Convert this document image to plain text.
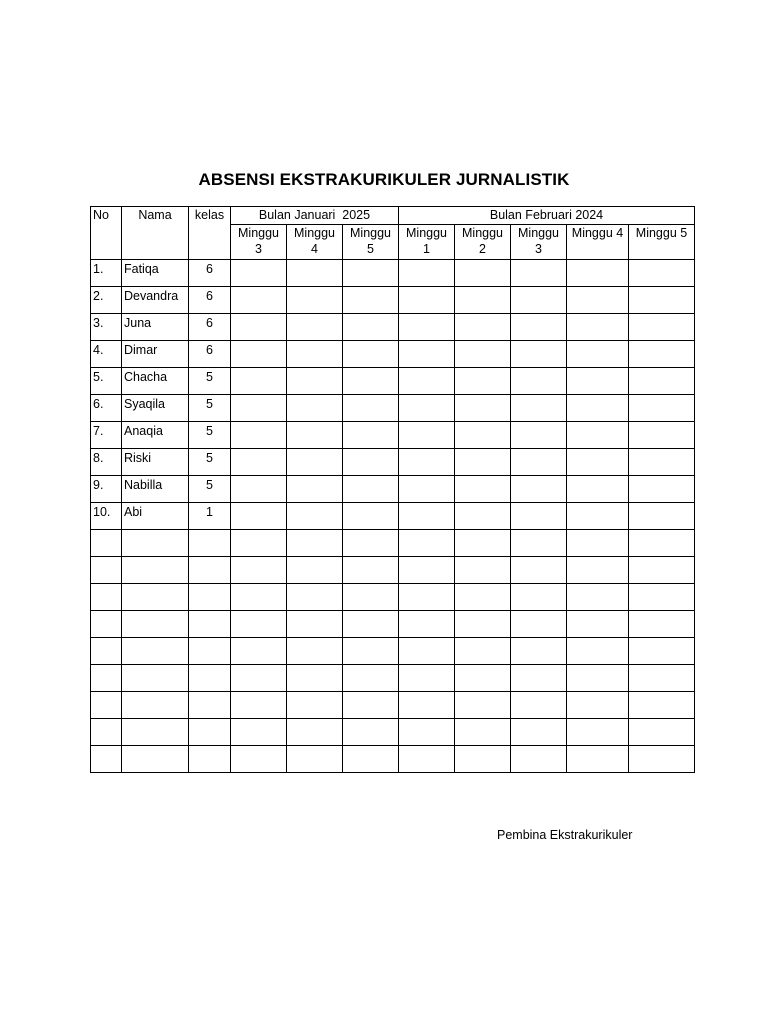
ABSENSI EKSTRAKURIKULER JURNALISTIK
No	Nama	kelas	Bulan Januari  2025			Bulan Februari 2024				
			Minggu 3	Minggu 4	Minggu 5	Minggu 1	Minggu 2	Minggu 3	Minggu 4	Minggu 5
1.	Fatiqa	6								
2.	Devandra	6								
3.	Juna	6								
4.	Dimar	6								
5.	Chacha	5								
6.	Syaqila	5								
7.	Anaqia	5								
8.	Riski	5								
9.	Nabilla	5								
10.	Abi	1								

Pembina Ekstrakurikuler
